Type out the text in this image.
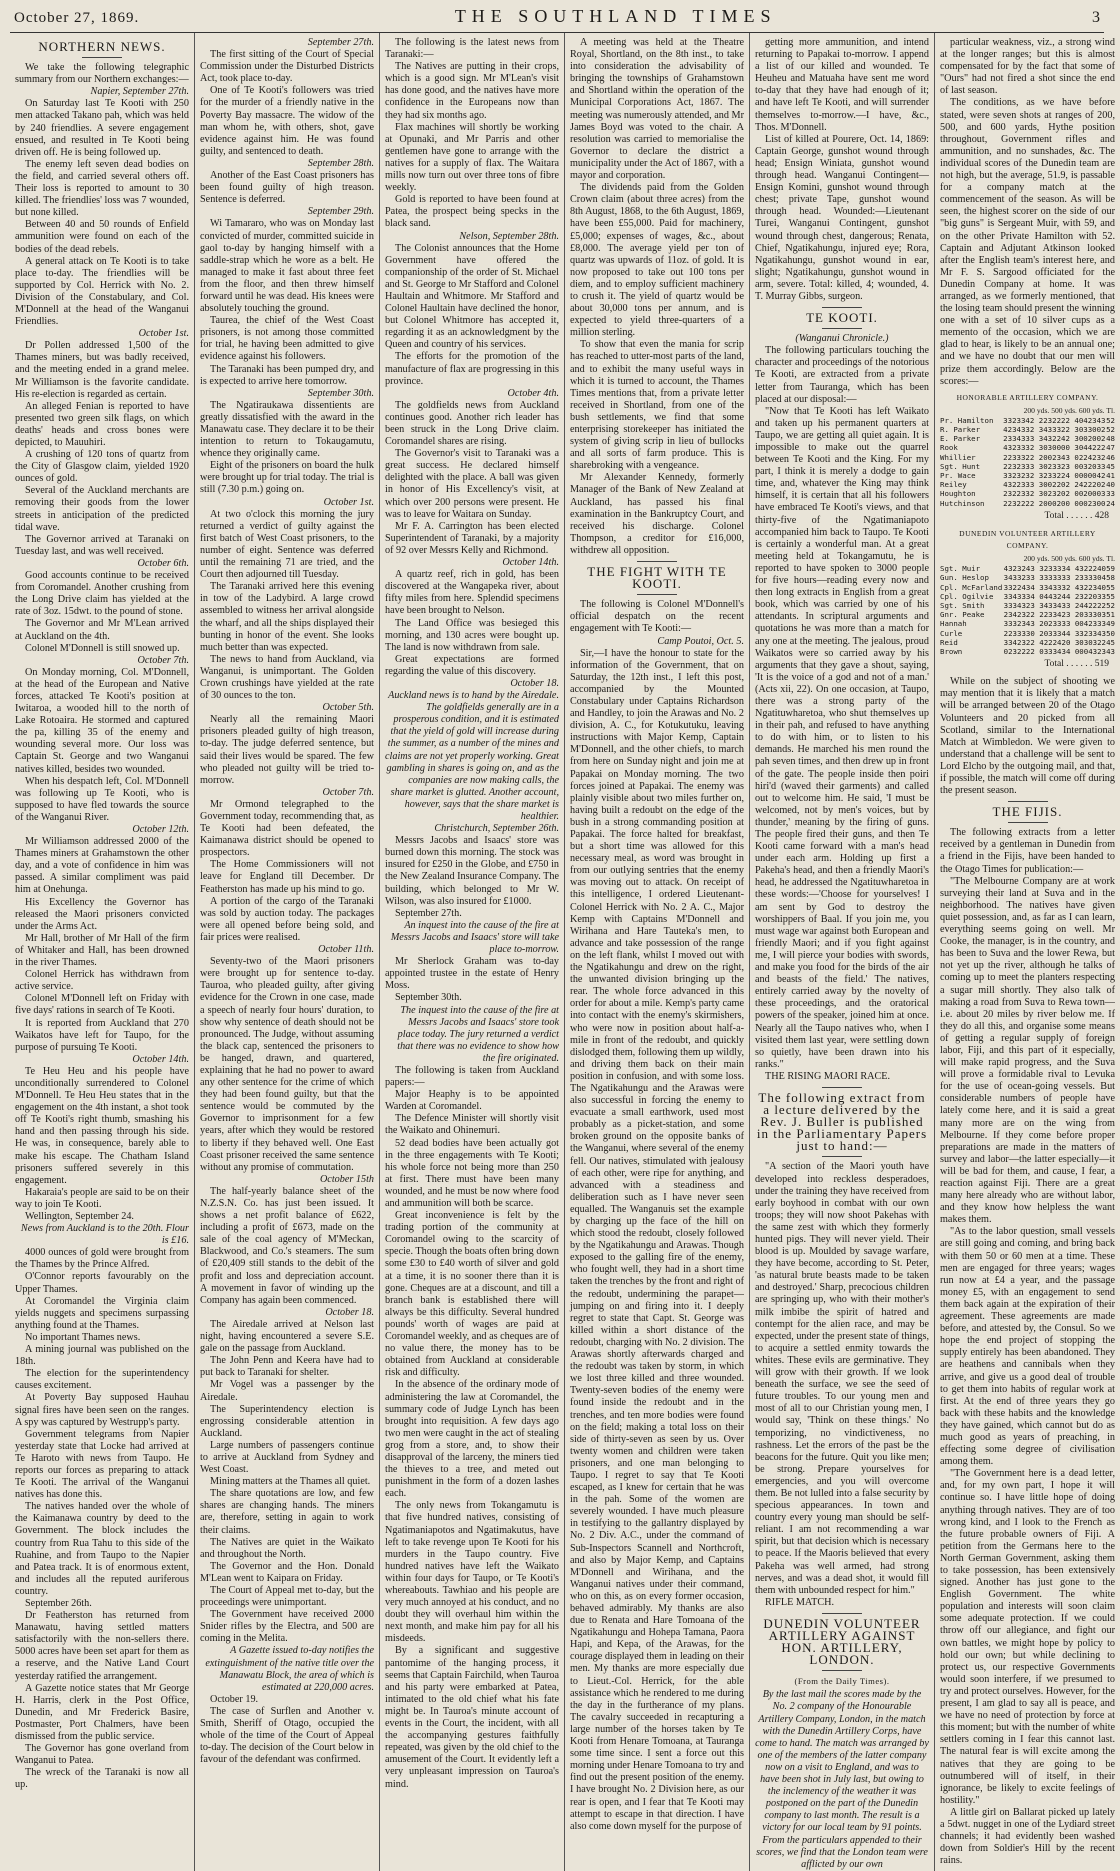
October 27, 1869.	THE SOUTHLAND TIMES	3
NORTHERN NEWS.

We take the following telegraphic summary from our Northern exchanges:—

Napier, September 27th.

On Saturday last Te Kooti with 250 men attacked Takano pah, which was held by 240 friendlies. A severe engagement ensued, and resulted in Te Kooti being driven off. He is being followed up.

The enemy left seven dead bodies on the field, and carried several others off. Their loss is reported to amount to 30 killed. The friendlies' loss was 7 wounded, but none killed.

Between 40 and 50 rounds of Enfield ammunition were found on each of the bodies of the dead rebels.

A general attack on Te Kooti is to take place to-day. The friendlies will be supported by Col. Herrick with No. 2. Division of the Constabulary, and Col. M'Donnell at the head of the Wanganui Friendlies.

October 1st.

Dr Pollen addressed 1,500 of the Thames miners, but was badly received, and the meeting ended in a grand melee. Mr Williamson is the favorite candidate. His re-election is regarded as certain.

An alleged Fenian is reported to have presented two green silk flags, on which deaths' heads and cross bones were depicted, to Mauuhiri.

A crushing of 120 tons of quartz from the City of Glasgow claim, yielded 1920 ounces of gold.

Several of the Auckland merchants are removing their goods from the lower streets in anticipation of the predicted tidal wave.

The Governor arrived at Taranaki on Tuesday last, and was well received.

October 6th.

Good accounts continue to be received from Coromandel. Another crushing from the Long Drive claim has yielded at the rate of 3oz. 15dwt. to the pound of stone.

The Governor and Mr M'Lean arrived at Auckland on the 4th.

Colonel M'Donnell is still snowed up.

October 7th.

On Monday morning, Col. M'Donnell, at the head of the European and Native forces, attacked Te Kooti's position at Iwitaroa, a wooded hill to the north of Lake Rotoaira. He stormed and captured the pa, killing 35 of the enemy and wounding several more. Our loss was Captain St. George and two Wanganui natives killed, besides two wounded.

When his despatch left, Col. M'Donnell was following up Te Kooti, who is supposed to have fled towards the source of the Wanganui River.

October 12th.

Mr Williamson addressed 2000 of the Thames miners at Grahamstown the other day, and a vote of confidence in him was passed. A similar compliment was paid him at Onehunga.

His Excellency the Governor has released the Maori prisoners convicted under the Arms Act.

Mr Hall, brother of Mr Hall of the firm of Whitaker and Hall, has been drowned in the river Thames.

Colonel Herrick has withdrawn from active service.

Colonel M'Donnell left on Friday with five days' rations in search of Te Kooti.

It is reported from Auckland that 270 Waikatos have left for Taupo, for the purpose of pursuing Te Kooti.

October 14th.

Te Heu Heu and his people have unconditionally surrendered to Colonel M'Donnell. Te Heu Heu states that in the engagement on the 4th instant, a shot took off Te Kooti's right thumb, smashing his hand and then passing through his side. He was, in consequence, barely able to make his escape. The Chatham Island prisoners suffered severely in this engagement.

Hakaraia's people are said to be on their way to join Te Kooti.

Wellington, September 24.

News from Auckland is to the 20th. Flour is £16.

4000 ounces of gold were brought from the Thames by the Prince Alfred.

O'Connor reports favourably on the Upper Thames.

At Coromandel the Virginia claim yields nuggets and specimens surpassing anything found at the Thames.

No important Thames news.

A mining journal was published on the 18th.

The election for the superintendency causes excitement.

At Poverty Bay supposed Hauhau signal fires have been seen on the ranges. A spy was captured by Westrupp's party.

Government telegrams from Napier yesterday state that Locke had arrived at Te Haroto with news from Taupo. He reports our forces as preparing to attack Te Kooti. The arrival of the Wanganui natives has done this.

The natives handed over the whole of the Kaimanawa country by deed to the Government. The block includes the country from Rua Tahu to this side of the Ruahine, and from Taupo to the Napier and Patea track. It is of enormous extent, and includes all the reputed auriferous country.

September 26th.

Dr Featherston has returned from Manawatu, having settled matters satisfactorily with the non-sellers there. 5000 acres have been set apart for them as a reserve, and the Native Land Court yesterday ratified the arrangement.

A Gazette notice states that Mr George H. Harris, clerk in the Post Office, Dunedin, and Mr Frederick Basire, Postmaster, Port Chalmers, have been dismissed from the public service.

The Governor has gone overland from Wanganui to Patea.

The wreck of the Taranaki is now all up.

September 27th.

The first sitting of the Court of Special Commission under the Disturbed Districts Act, took place to-day.

One of Te Kooti's followers was tried for the murder of a friendly native in the Poverty Bay massacre. The widow of the man whom he, with others, shot, gave evidence against him. He was found guilty, and sentenced to death.

September 28th.

Another of the East Coast prisoners has been found guilty of high treason. Sentence is deferred.

September 29th.

Wi Tamararo, who was on Monday last convicted of murder, committed suicide in gaol to-day by hanging himself with a saddle-strap which he wore as a belt. He managed to make it fast about three feet from the floor, and then threw himself forward until he was dead. His knees were absolutely touching the ground.

Taurea, the chief of the West Coast prisoners, is not among those committed for trial, he having been admitted to give evidence against his followers.

The Taranaki has been pumped dry, and is expected to arrive here tomorrow.

September 30th.

The Ngatiraukawa dissentients are greatly dissatisfied with the award in the Manawatu case. They declare it to be their intention to return to Tokaugamutu, whence they originally came.

Eight of the prisoners on board the hulk were brought up for trial today. The trial is still (7.30 p.m.) going on.

October 1st.

At two o'clock this morning the jury returned a verdict of guilty against the first batch of West Coast prisoners, to the number of eight. Sentence was deferred until the remaining 71 are tried, and the Court then adjourned till Tuesday.

The Taranaki arrived here this evening in tow of the Ladybird. A large crowd assembled to witness her arrival alongside the wharf, and all the ships displayed their bunting in honor of the event. She looks much better than was expected.

The news to hand from Auckland, via Wanganui, is unimportant. The Golden Crown crushings have yielded at the rate of 30 ounces to the ton.

October 5th.

Nearly all the remaining Maori prisoners pleaded guilty of high treason, to-day. The judge deferred sentence, but said their lives would be spared. The few who pleaded not guilty will be tried to-morrow.

October 7th.

Mr Ormond telegraphed to the Government today, recommending that, as Te Kooti had been defeated, the Kaimanawa district should be opened to prospectors.

The Home Commissioners will not leave for England till December. Dr Featherston has made up his mind to go.

A portion of the cargo of the Taranaki was sold by auction today. The packages were all opened before being sold, and fair prices were realised.

October 11th.

Seventy-two of the Maori prisoners were brought up for sentence to-day. Tauroa, who pleaded guilty, after giving evidence for the Crown in one case, made a speech of nearly four hours' duration, to show why sentence of death should not be pronounced. The Judge, without assuming the black cap, sentenced the prisoners to be hanged, drawn, and quartered, explaining that he had no power to award any other sentence for the crime of which they had been found guilty, but that the sentence would be commuted by the Governor to imprisonment for a few years, after which they would be restored to liberty if they behaved well. One East Coast prisoner received the same sentence without any promise of commutation.

October 15th

The half-yearly balance sheet of the N.Z.S.N. Co. has just been issued. It shows a net profit balance of £622, including a profit of £673, made on the sale of the coal agency of M'Meckan, Blackwood, and Co.'s steamers. The sum of £20,409 still stands to the debit of the profit and loss and depreciation account. A movement in favor of winding up the Company has again been commenced.

October 18.

The Airedale arrived at Nelson last night, having encountered a severe S.E. gale on the passage from Auckland.

The John Penn and Keera have had to put back to Taranaki for shelter.

Mr Vogel was a passenger by the Airedale.

The Superintendency election is engrossing considerable attention in Auckland.

Large numbers of passengers continue to arrive at Auckland from Sydney and West Coast.

Mining matters at the Thames all quiet.

The share quotations are low, and few shares are changing hands. The miners are, therefore, setting in again to work their claims.

The Natives are quiet in the Waikato and throughout the North.

The Governor and the Hon. Donald M'Lean went to Kaipara on Friday.

The Court of Appeal met to-day, but the proceedings were unimportant.

The Government have received 2000 Snider rifles by the Electra, and 500 are coming in the Melita.

A Gazette issued to-day notifies the extinguishment of the native title over the Manawatu Block, the area of which is estimated at 220,000 acres.

October 19.

The case of Surflen and Another v. Smith, Sheriff of Otago, occupied the whole of the time of the Court of Appeal to-day. The decision of the Court below in favour of the defendant was confirmed.

The following is the latest news from Taranaki:—

The Natives are putting in their crops, which is a good sign. Mr M'Lean's visit has done good, and the natives have more confidence in the Europeans now than they had six months ago.

Flax machines will shortly be working at Opunaki, and Mr Parris and other gentlemen have gone to arrange with the natives for a supply of flax. The Waitara mills now turn out over three tons of fibre weekly.

Gold is reported to have been found at Patea, the prospect being specks in the black sand.

Nelson, September 28th.

The Colonist announces that the Home Government have offered the companionship of the order of St. Michael and St. George to Mr Stafford and Colonel Haultain and Whitmore. Mr Stafford and Colonel Haultain have declined the honor, but Colonel Whitmore has accepted it, regarding it as an acknowledgment by the Queen and country of his services.

The efforts for the promotion of the manufacture of flax are progressing in this province.

October 4th.

The goldfields news from Auckland continues good. Another rich leader has been struck in the Long Drive claim. Coromandel shares are rising.

The Governor's visit to Taranaki was a great success. He declared himself delighted with the place. A ball was given in honor of His Excellency's visit, at which over 200 persons were present. He was to leave for Waitara on Sunday.

Mr F. A. Carrington has been elected Superintendent of Taranaki, by a majority of 92 over Messrs Kelly and Richmond.

October 14th.

A quartz reef, rich in gold, has been discovered at the Wangapeka river, about fifty miles from here. Splendid specimens have been brought to Nelson.

The Land Office was besieged this morning, and 130 acres were bought up. The land is now withdrawn from sale.

Great expectations are formed regarding the value of this discovery.

October 18.

Auckland news is to hand by the Airedale. The goldfields generally are in a prosperous condition, and it is estimated that the yield of gold will increase during the summer, as a number of the mines and claims are not yet properly working. Great gambling in shares is going on, and as the companies are now making calls, the share market is glutted. Another account, however, says that the share market is healthier.

Christchurch, September 26th.

Messrs Jacobs and Isaacs' store was burned down this morning. The stock was insured for £250 in the Globe, and £750 in the New Zealand Insurance Company. The building, which belonged to Mr W. Wilson, was also insured for £1000.

September 27th.

An inquest into the cause of the fire at Messrs Jacobs and Isaacs' store will take place to-morrow.

Mr Sherlock Graham was to-day appointed trustee in the estate of Henry Moss.

September 30th.

The inquest into the cause of the fire at Messrs Jacobs and Isaacs' store took place today. The jury returned a verdict that there was no evidence to show how the fire originated.

The following is taken from Auckland papers:—

Major Heaphy is to be appointed Warden at Coromandel.

The Defence Minister will shortly visit the Waikato and Ohinemuri.

52 dead bodies have been actually got in the three engagements with Te Kooti; his whole force not being more than 250 at first. There must have been many wounded, and he must be now where food and ammunition will both be scarce.

Great inconvenience is felt by the trading portion of the community at Coromandel owing to the scarcity of specie. Though the boats often bring down some £30 to £40 worth of silver and gold at a time, it is no sooner there than it is gone. Cheques are at a discount, and till a branch bank is established there will always be this difficulty. Several hundred pounds' worth of wages are paid at Coromandel weekly, and as cheques are of no value there, the money has to be obtained from Auckland at considerable risk and difficulty.

In the absence of the ordinary mode of administering the law at Coromandel, the summary code of Judge Lynch has been brought into requisition. A few days ago two men were caught in the act of stealing grog from a store, and, to show their disapproval of the larceny, the miners tied the thieves to a tree, and meted out punishment in the form of a dozen lashes each.

The only news from Tokangamutu is that five hundred natives, consisting of Ngatimaniapotos and Ngatimakutus, have left to take revenge upon Te Kooti for his murders in the Taupo country. Five hundred natives have left the Waikato within four days for Taupo, or Te Kooti's whereabouts. Tawhiao and his people are very much annoyed at his conduct, and no doubt they will overhaul him within the next month, and make him pay for all his misdeeds.

By a significant and suggestive pantomime of the hanging process, it seems that Captain Fairchild, when Tauroa and his party were embarked at Patea, intimated to the old chief what his fate might be. In Tauroa's minute account of events in the Court, the incident, with all the accompanying gestures faithfully repeated, was given by the old chief to the amusement of the Court. It evidently left a very unpleasant impression on Tauroa's mind.

A meeting was held at the Theatre Royal, Shortland, on the 8th inst., to take into consideration the advisability of bringing the townships of Grahamstown and Shortland within the operation of the Municipal Corporations Act, 1867. The meeting was numerously attended, and Mr James Boyd was voted to the chair. A resolution was carried to memorialise the Governor to declare the district a municipality under the Act of 1867, with a mayor and corporation.

The dividends paid from the Golden Crown claim (about three acres) from the 8th August, 1868, to the 6th August, 1869, have been £55,000. Paid for machinery, £5,000; expenses of wages, &c., about £8,000. The average yield per ton of quartz was upwards of 11oz. of gold. It is now proposed to take out 100 tons per diem, and to employ sufficient machinery to crush it. The yield of quartz would be about 30,000 tons per annum, and is expected to yield three-quarters of a million sterling.

To show that even the mania for scrip has reached to utter-most parts of the land, and to exhibit the many useful ways in which it is turned to account, the Thames Times mentions that, from a private letter received in Shortland, from one of the bush settlements, we find that some enterprising storekeeper has initiated the system of giving scrip in lieu of bullocks and all sorts of farm produce. This is sharebroking with a vengeance.

Mr Alexander Kennedy, formerly Manager of the Bank of New Zealand at Auckland, has passed his final examination in the Bankruptcy Court, and received his discharge. Colonel Thompson, a creditor for £16,000, withdrew all opposition.

THE FIGHT WITH TE KOOTI.

The following is Colonel M'Donnell's official despatch on the recent engagement with Te Kooti:—

Camp Poutoi, Oct. 5.

Sir,—I have the honour to state for the information of the Government, that on Saturday, the 12th inst., I left this post, accompanied by the Mounted Constabulary under Captains Richardson and Handley, to join the Arawas and No. 2 division, A. C., for Kotukutuku, leaving instructions with Major Kemp, Captain M'Donnell, and the other chiefs, to march from here on Sunday night and join me at Papakai on Monday morning. The two forces joined at Papakai. The enemy was plainly visible about two miles further on, having built a redoubt on the edge of the bush in a strong commanding position at Papakai. The force halted for breakfast, but a short time was allowed for this necessary meal, as word was brought in from our outlying sentries that the enemy was moving out to attack. On receipt of this intelligence, I ordered Lieutenant-Colonel Herrick with No. 2 A. C., Major Kemp with Captains M'Donnell and Wirihana and Hare Tauteka's men, to advance and take possession of the range on the left flank, whilst I moved out with the Ngatikahungu and drew on the right, the unwanted division bringing up the rear. The whole force advanced in this order for about a mile. Kemp's party came into contact with the enemy's skirmishers, who were now in position about half-a-mile in front of the redoubt, and quickly dislodged them, following them up wildly, and driving them back on their main position in confusion, and with some loss. The Ngatikahungu and the Arawas were also successful in forcing the enemy to evacuate a small earthwork, used most probably as a picket-station, and some broken ground on the opposite banks of the Wanganui, where several of the enemy fell. Our natives, stimulated with jealousy of each other, were ripe for anything, and advanced with a steadiness and deliberation such as I have never seen equalled. The Wanganuis set the example by charging up the face of the hill on which stood the redoubt, closely followed by the Ngatikahungu and Arawas. Though exposed to the galling fire of the enemy, who fought well, they had in a short time taken the trenches by the front and right of the redoubt, undermining the parapet—jumping on and firing into it. I deeply regret to state that Capt. St. George was killed within a short distance of the redoubt, charging with No. 2 division. The Arawas shortly afterwards charged and the redoubt was taken by storm, in which we lost three killed and three wounded. Twenty-seven bodies of the enemy were found inside the redoubt and in the trenches, and ten more bodies were found on the field; making a total loss on their side of thirty-seven as seen by us. Over twenty women and children were taken prisoners, and one man belonging to Taupo. I regret to say that Te Kooti escaped, as I knew for certain that he was in the pah. Some of the women are severely wounded. I have much pleasure in testifying to the gallantry displayed by No. 2 Div. A.C., under the command of Sub-Inspectors Scannell and Northcroft, and also by Major Kemp, and Captains M'Donnell and Wirihana, and the Wanganui natives under their command, who on this, as on every former occasion, behaved admirably. My thanks are also due to Renata and Hare Tomoana of the Ngatikahungu and Hohepa Tamana, Paora Hapi, and Kepa, of the Arawas, for the courage displayed them in leading on their men. My thanks are more especially due to Lieut.-Col. Herrick, for the able assistance which he rendered to me during the day in the furtherance of my plans. The cavalry succeeded in recapturing a large number of the horses taken by Te Kooti from Henare Tomoana, at Tauranga some time since. I sent a force out this morning under Henare Tomoana to try and find out the present position of the enemy. I have brought No. 2 Division here, as our rear is open, and I fear that Te Kooti may attempt to escape in that direction. I have also come down myself for the purpose of

getting more ammunition, and intend returning to Papakai to-morrow. I append a list of our killed and wounded. Te Heuheu and Matuaha have sent me word to-day that they have had enough of it; and have left Te Kooti, and will surrender themselves to-morrow.—I have, &c., Thos. M'Donnell.

List of killed at Pourere, Oct. 14, 1869: Captain George, gunshot wound through head; Ensign Winiata, gunshot wound through head. Wanganui Contingent—Ensign Komini, gunshot wound through chest; private Tape, gunshot wound through head. Wounded:—Lieutenant Turei, Wanganui Contingent, gunshot wound through chest, dangerous; Renata, Chief, Ngatikahungu, injured eye; Rora, Ngatikahungu, gunshot wound in ear, slight; Ngatikahungu, gunshot wound in arm, severe. Total: killed, 4; wounded, 4. T. Murray Gibbs, surgeon.

TE KOOTI.

(Wanganui Chronicle.)

The following particulars touching the character and proceedings of the notorious Te Kooti, are extracted from a private letter from Tauranga, which has been placed at our disposal:—

"Now that Te Kooti has left Waikato and taken up his permanent quarters at Taupo, we are getting all quiet again. It is impossible to make out the quarrel between Te Kooti and the King. For my part, I think it is merely a dodge to gain time, and, whatever the King may think himself, it is certain that all his followers have embraced Te Kooti's views, and that thirty-five of the Ngatimaniapoto accompanied him back to Taupo. Te Kooti is certainly a wonderful man. At a great meeting held at Tokangamutu, he is reported to have spoken to 3000 people for five hours—reading every now and then long extracts in English from a great book, which was carried by one of his attendants. In scriptural arguments and quotations he was more than a match for any one at the meeting. The jealous, proud Waikatos were so carried away by his arguments that they gave a shout, saying, 'It is the voice of a god and not of a man.' (Acts xii, 22). On one occasion, at Taupo, there was a strong party of the Ngatituwharetoa, who shut themselves up in their pah, and refused to have anything to do with him, or to listen to his demands. He marched his men round the pah seven times, and then drew up in front of the gate. The people inside then poiri hiri'd (waved their garments) and called out to welcome him. He said, 'I must be welcomed, not by men's voices, but by thunder,' meaning by the firing of guns. The people fired their guns, and then Te Kooti came forward with a man's head under each arm. Holding up first a Pakeha's head, and then a friendly Maori's head, he addressed the Ngatituwharetoa in these words:—'Choose for yourselves! I am sent by God to destroy the worshippers of Baal. If you join me, you must wage war against both European and friendly Maori; and if you fight against me, I will pierce your bodies with swords, and make you food for the birds of the air and beasts of the field.' The natives, entirely carried away by the novelty of these proceedings, and the oratorical powers of the speaker, joined him at once. Nearly all the Taupo natives who, when I visited them last year, were settling down so quietly, have been drawn into his ranks."

THE RISING MAORI RACE.

The following extract from a lecture delivered by the Rev. J. Buller is published in the Parliamentary Papers just to hand:—

"A section of the Maori youth have developed into reckless desperadoes, under the training they have received from early boyhood in combat with our own troops; they will now shoot Pakehas with the same zest with which they formerly hunted pigs. They will never yield. Their blood is up. Moulded by savage warfare, they have become, according to St. Peter, 'as natural brute beasts made to be taken and destroyed.' Sharp, precocious children are springing up, who with their mother's milk imbibe the spirit of hatred and contempt for the alien race, and may be expected, under the present state of things, to acquire a settled enmity towards the whites. These evils are germinative. They will grow with their growth. If we look beneath the surface, we see the seed of future troubles. To our young men and most of all to our Christian young men, I would say, 'Think on these things.' No temporizing, no vindictiveness, no rashness. Let the errors of the past be the beacons for the future. Quit you like men; be strong. Prepare yourselves for emergencies, and you will overcome them. Be not lulled into a false security by specious appearances. In town and country every young man should be self-reliant. I am not recommending a war spirit, but that decision which is necessary to peace. If the Maoris believed that every Pakeha was well armed, had strong nerves, and was a dead shot, it would fill them with unbounded respect for him."

RIFLE MATCH.

DUNEDIN VOLUNTEER ARTILLERY AGAINST HON. ARTILLERY, LONDON.
(From the Daily Times).

By the last mail the scores made by the No. 2 company of the Honourable Artillery Company, London, in the match with the Dunedin Artillery Corps, have come to hand. The match was arranged by one of the members of the latter company now on a visit to England, and was to have been shot in July last, but owing to the inclemency of the weather it was postponed on the part of the Dunedin company to last month. The result is a victory for our local team by 91 points. From the particulars appended to their scores, we find that the London team were afflicted by our own

particular weakness, viz., a strong wind at the longer ranges; but this is almost compensated for by the fact that some of "Ours" had not fired a shot since the end of last season.

The conditions, as we have before stated, were seven shots at ranges of 200, 500, and 600 yards, Hythe position throughout, Government rifles and ammunition, and no sunshades, &c. The individual scores of the Dunedin team are not high, but the average, 51.9, is passable for a company match at the commencement of the season. As will be seen, the highest scorer on the side of our "big guns" is Sergeant Muir, with 59, and on the other Private Hamilton with 52. Captain and Adjutant Atkinson looked after the English team's interest here, and Mr F. S. Sargood officiated for the Dunedin Company at home. It was arranged, as we formerly mentioned, that the losing team should present the winning one with a set of 10 silver cups as a memento of the occasion, which we are glad to hear, is likely to be an annual one; and we have no doubt that our men will prize them accordingly. Below are the scores:—

HONORABLE ARTILLERY COMPANY.
200 yds. 500 yds. 600 yds. Tl.
Pr. Hamilton	3323342 2232222 4042343	52
R. Parker	4234332 3433322 3033002	52
E. Parker	2334333 3432242 3002002	48
Rook	4323332 3030000 3044222	47
Whillier	2233322 2002343 0224232	46
Sgt. Hunt	2232333 3023323 0032033	45
Pr. Wace	3323232 3233224 0000042	41
Reiley	4322333 3002202 2422202	40
Houghton	2322332 3023202 0020003	33
Hutchinson	2232222 2000200 0002300	24
Total . . . . . . 428
DUNEDIN VOLUNTEER ARTILLERY COMPANY.
200 yds. 500 yds. 600 yds. Tl.
Sgt. Muir	4323243 3233334 4322240	59
Gun. Heslop	3433233 3333333 2333304	58
Cpl. McFarland	3322434 3343332 4322340	55
Cpl. Ogilvie	3343334 0443244 2322033	55
Sgt. Smith	3334323 3433433 2442222	52
Gnr. Peake	2342322 2233423 2033303	51
Hannah	3332343 2023333 0042333	49
Curle	2233330 2033344 3323343	50
Reid	3342322 4222420 3030322	45
Brown	0232222 0333434 0004323	43
Total . . . . . . 519

While on the subject of shooting we may mention that it is likely that a match will be arranged between 20 of the Otago Volunteers and 20 picked from all Scotland, similar to the International Match at Wimbledon. We were given to understand that a challenge will be sent to Lord Elcho by the outgoing mail, and that, if possible, the match will come off during the present season.

THE FIJIS.

The following extracts from a letter received by a gentleman in Dunedin from a friend in the Fijis, have been handed to the Otago Times for publication:—

"The Melbourne Company are at work surveying their land at Suva and in the neighborhood. The natives have given quiet possession, and, as far as I can learn, everything seems going on well. Mr Cooke, the manager, is in the country, and has been to Suva and the lower Rewa, but not yet up the river, although he talks of coming up to meet the planters respecting a sugar mill shortly. They also talk of making a road from Suva to Rewa town—i.e. about 20 miles by river below me. If they do all this, and organise some means of getting a regular supply of foreign labor, Fiji, and this part of it especially, will make rapid progress, and the Suva will prove a formidable rival to Levuka for the use of ocean-going vessels. But considerable numbers of people have lately come here, and it is said a great many more are on the wing from Melbourne. If they come before proper preparations are made in the matters of survey and labor—the latter especially—it will be bad for them, and cause, I fear, a reaction against Fiji. There are a great many here already who are without labor, and they know how helpless the want makes them.

"As to the labor question, small vessels are still going and coming, and bring back with them 50 or 60 men at a time. These men are engaged for three years; wages run now at £4 a year, and the passage money £5, with an engagement to send them back again at the expiration of their agreement. These agreements are made before, and attested by, the Consul. So we hope the end project of stopping the supply entirely has been abandoned. They are heathens and cannibals when they arrive, and give us a good deal of trouble to get them into habits of regular work at first. At the end of three years they go back with these habits and the knowledge they have gained, which cannot but do as much good as years of preaching, in effecting some degree of civilisation among them.

"The Government here is a dead letter, and, for my own part, I hope it will continue so. I have little hope of doing anything through natives. They are of too wrong kind, and I look to the French as the future probable owners of Fiji. A petition from the Germans here to the North German Government, asking them to take possession, has been extensively signed. Another has just gone to the English Government. The white population and interests will soon claim some adequate protection. If we could throw off our allegiance, and fight our own battles, we might hope by policy to hold our own; but while declining to protect us, our respective Governments would soon interfere, if we presumed to try and protect ourselves. However, for the present, I am glad to say all is peace, and we have no need of protection by force at this moment; but with the number of white settlers coming in I fear this cannot last. The natural fear is will excite among the natives that they are going to be outnumbered will of itself, in their ignorance, be likely to excite feelings of hostility."

A little girl on Ballarat picked up lately a 5dwt. nugget in one of the Lydiard street channels; it had evidently been washed down from Soldier's Hill by the recent rains.
